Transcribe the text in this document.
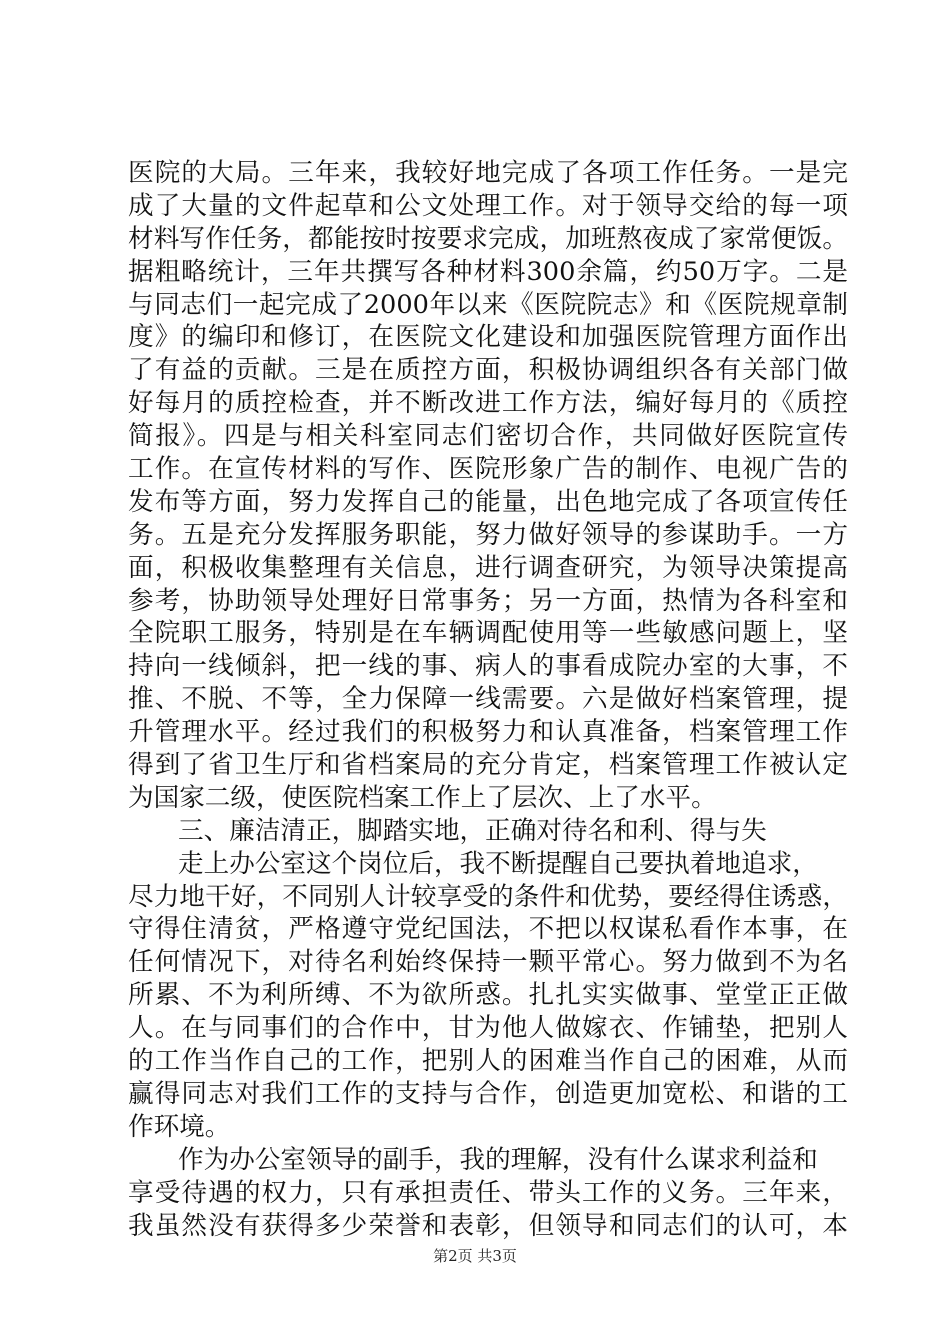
医院的大局。三年来，我较好地完成了各项工作任务。一是完
成了大量的文件起草和公文处理工作。对于领导交给的每一项
材料写作任务，都能按时按要求完成，加班熬夜成了家常便饭。
据粗略统计，三年共撰写各种材料300余篇，约50万字。二是
与同志们一起完成了2000年以来《医院院志》和《医院规章制
度》的编印和修订，在医院文化建设和加强医院管理方面作出
了有益的贡献。三是在质控方面，积极协调组织各有关部门做
好每月的质控检查，并不断改进工作方法，编好每月的《质控
简报》。四是与相关科室同志们密切合作，共同做好医院宣传
工作。在宣传材料的写作、医院形象广告的制作、电视广告的
发布等方面，努力发挥自己的能量，出色地完成了各项宣传任
务。五是充分发挥服务职能，努力做好领导的参谋助手。一方
面，积极收集整理有关信息，进行调查研究，为领导决策提高
参考，协助领导处理好日常事务；另一方面，热情为各科室和
全院职工服务，特别是在车辆调配使用等一些敏感问题上，坚
持向一线倾斜，把一线的事、病人的事看成院办室的大事，不
推、不脱、不等，全力保障一线需要。六是做好档案管理，提
升管理水平。经过我们的积极努力和认真准备，档案管理工作
得到了省卫生厅和省档案局的充分肯定，档案管理工作被认定
为国家二级，使医院档案工作上了层次、上了水平。
三、廉洁清正，脚踏实地，正确对待名和利、得与失
走上办公室这个岗位后，我不断提醒自己要执着地追求，
尽力地干好，不同别人计较享受的条件和优势，要经得住诱惑，
守得住清贫，严格遵守党纪国法，不把以权谋私看作本事，在
任何情况下，对待名利始终保持一颗平常心。努力做到不为名
所累、不为利所缚、不为欲所惑。扎扎实实做事、堂堂正正做
人。在与同事们的合作中，甘为他人做嫁衣、作铺垫，把别人
的工作当作自己的工作，把别人的困难当作自己的困难，从而
赢得同志对我们工作的支持与合作，创造更加宽松、和谐的工
作环境。
作为办公室领导的副手，我的理解，没有什么谋求利益和
享受待遇的权力，只有承担责任、带头工作的义务。三年来，
我虽然没有获得多少荣誉和表彰，但领导和同志们的认可，本
第2页 共3页
